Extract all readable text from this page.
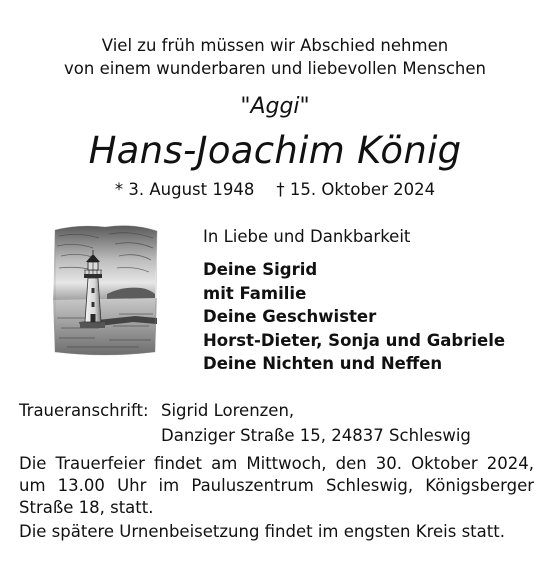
Viel zu früh müssen wir Abschied nehmen
von einem wunderbaren und liebevollen Menschen
"Aggi"
Hans-Joachim König
* 3. August 1948 † 15. Oktober 2024

In Liebe und Dankbarkeit

Deine Sigrid
mit Familie
Deine Geschwister
Horst-Dieter, Sonja und Gabriele
Deine Nichten und Neffen
Traueranschrift: Sigrid Lorenzen,
Danziger Straße 15, 24837 Schleswig

Die Trauerfeier findet am Mittwoch, den 30. Oktober 2024, um 13.00 Uhr im Pauluszentrum Schleswig, Königsberger Straße 18, statt.

Die spätere Urnenbeisetzung findet im engsten Kreis statt.
